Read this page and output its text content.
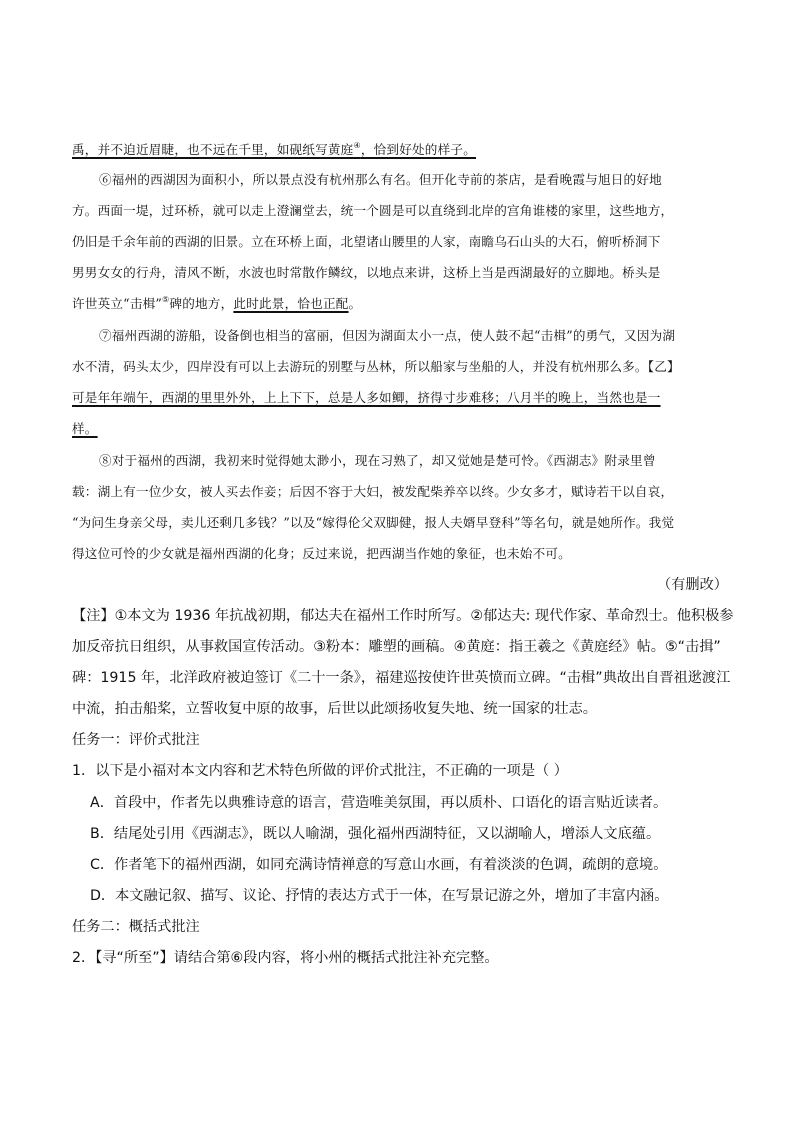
禹，并不迫近眉睫，也不远在千里，如砚纸写黄庭④，恰到好处的样子。
⑥福州的西湖因为面积小，所以景点没有杭州那么有名。但开化寺前的茶店，是看晚霞与旭日的好地
方。西面一堤，过环桥，就可以走上澄澜堂去，统一个圆是可以直绕到北岸的宫角谁楼的家里，这些地方，
仍旧是千余年前的西湖的旧景。立在环桥上面，北望诸山腰里的人家，南瞻乌石山头的大石，俯听桥洞下
男男女女的行舟，清风不断，水波也时常散作鳞纹，以地点来讲，这桥上当是西湖最好的立脚地。桥头是
许世英立“击楫”⑤碑的地方，此时此景，恰也正配。
⑦福州西湖的游船，设备倒也相当的富丽，但因为湖面太小一点，使人鼓不起“击楫”的勇气，又因为湖
水不清，码头太少，四岸没有可以上去游玩的别墅与丛林，所以船家与坐船的人，并没有杭州那么多。【乙】
可是年年端午，西湖的里里外外，上上下下，总是人多如鲫，挤得寸步难移；八月半的晚上，当然也是一
样。
⑧对于福州的西湖，我初来时觉得她太渺小，现在习熟了，却又觉她是楚可怜。《西湖志》附录里曾
载：湖上有一位少女，被人买去作妾；后因不容于大妇，被发配柴养卒以终。少女多才，赋诗若干以自哀，
“为问生身亲父母，卖儿还剩几多钱？”以及“嫁得伦父双脚健，报人夫婿早登科”等名句，就是她所作。我觉
得这位可怜的少女就是福州西湖的化身；反过来说，把西湖当作她的象征，也未始不可。
（有删改）
【注】①本文为 1936 年抗战初期，郁达夫在福州工作时所写。②郁达夫: 现代作家、革命烈士。他积极参
加反帝抗日组织，从事救国宣传活动。③粉本：雕塑的画稿。④黄庭：指王羲之《黄庭经》帖。⑤“击揖”
碑：1915 年，北洋政府被迫签订《二十一条》，福建巡按使许世英愤而立碑。“击楫”典故出自晋祖逖渡江
中流，拍击船桨，立誓收复中原的故事，后世以此颂扬收复失地、统一国家的壮志。
任务一：评价式批注
1．以下是小福对本文内容和艺术特色所做的评价式批注，不正确的一项是（ ）
A．首段中，作者先以典雅诗意的语言，营造唯美氛围，再以质朴、口语化的语言贴近读者。
B．结尾处引用《西湖志》，既以人喻湖，强化福州西湖特征，又以湖喻人，增添人文底蕴。
C．作者笔下的福州西湖，如同充满诗情禅意的写意山水画，有着淡淡的色调，疏朗的意境。
D．本文融记叙、描写、议论、抒情的表达方式于一体，在写景记游之外，增加了丰富内涵。
任务二：概括式批注
2．【寻“所至”】请结合第⑥段内容，将小州的概括式批注补充完整。
